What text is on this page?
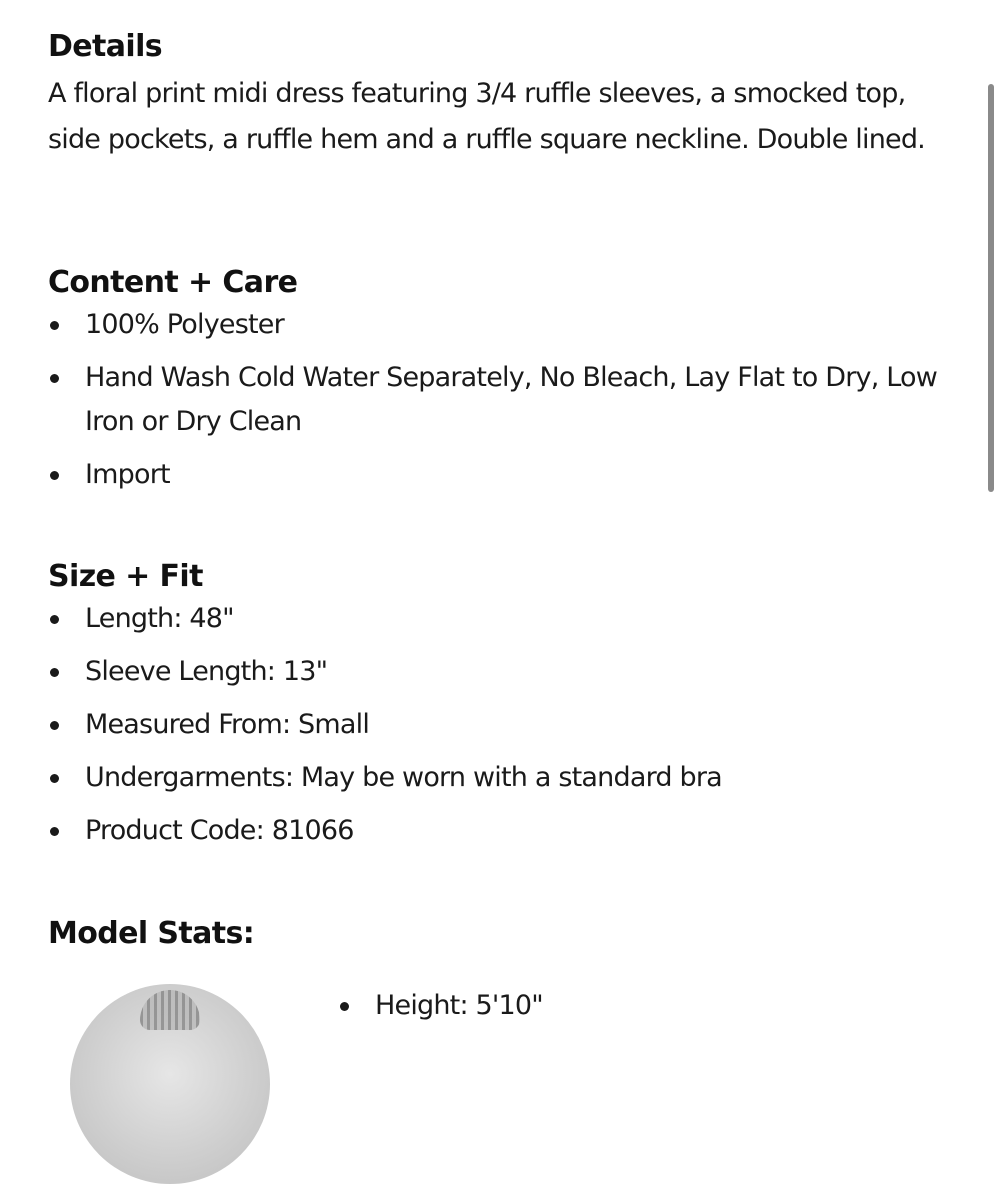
Details

A floral print midi dress featuring 3/4 ruffle sleeves, a smocked top, side pockets, a ruffle hem and a ruffle square neckline. Double lined.

Content + Care
100% Polyester
Hand Wash Cold Water Separately, No Bleach, Lay Flat to Dry, Low Iron or Dry Clean
Import
Size + Fit
Length: 48"
Sleeve Length: 13"
Measured From: Small
Undergarments: May be worn with a standard bra
Product Code: 81066
Model Stats:
Height: 5'10"
